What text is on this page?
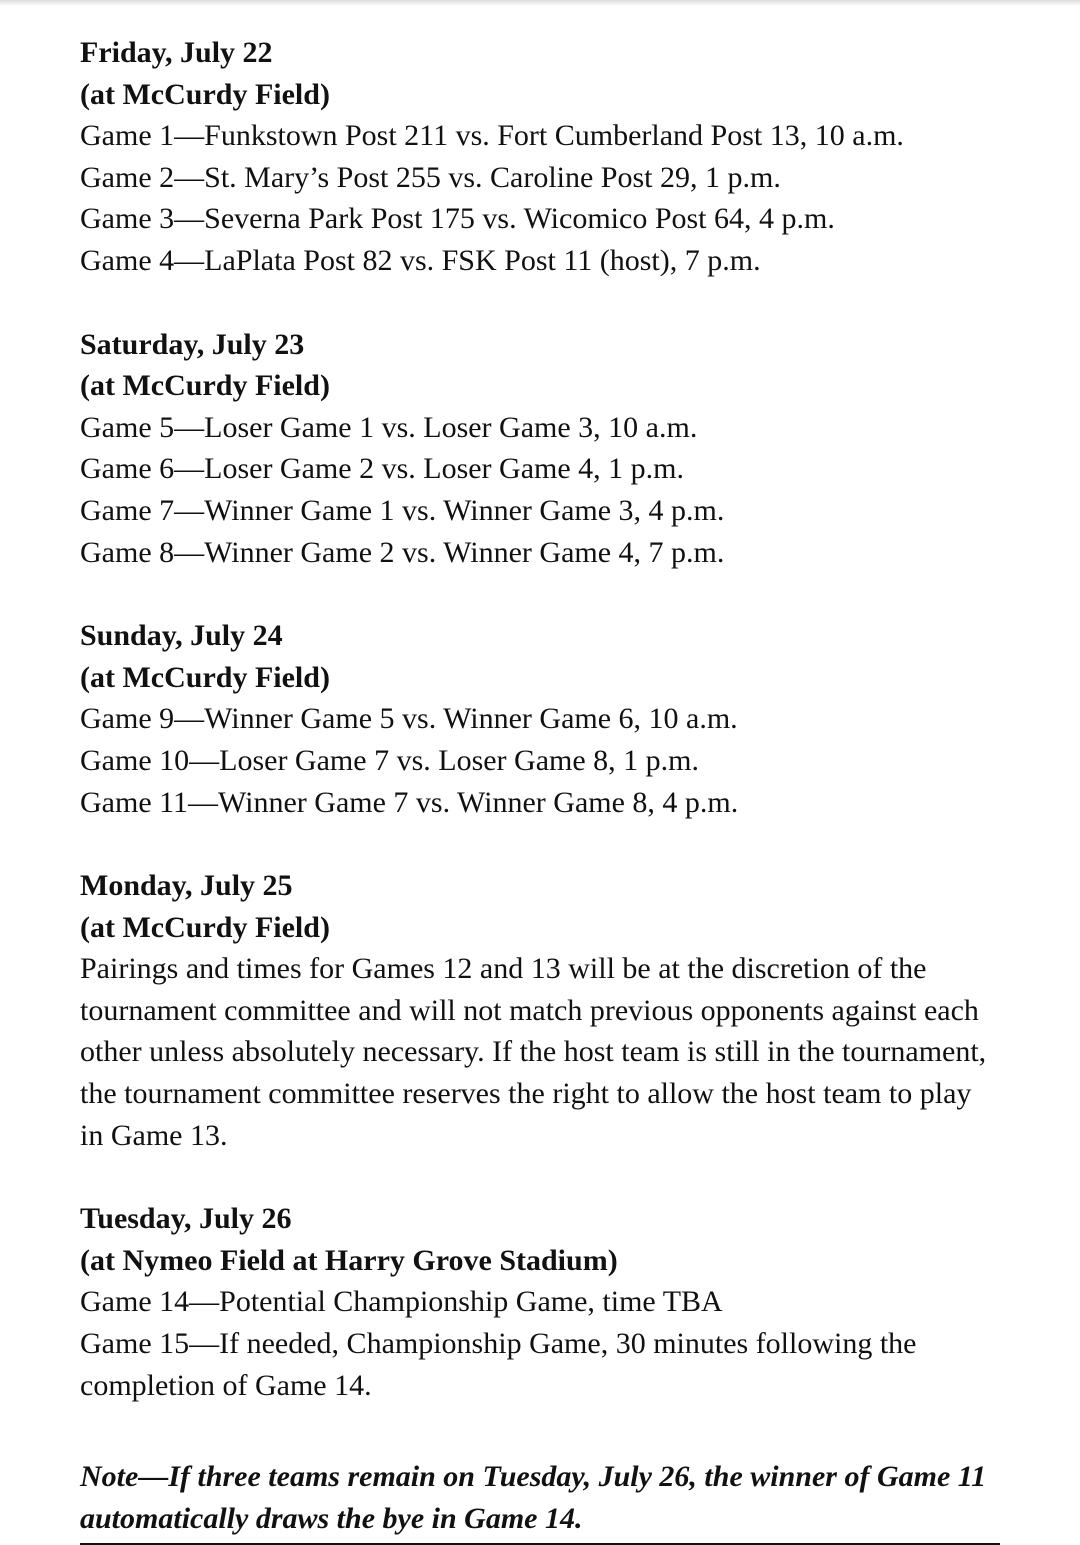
Friday, July 22
(at McCurdy Field)
Game 1—Funkstown Post 211 vs. Fort Cumberland Post 13, 10 a.m.
Game 2—St. Mary’s Post 255 vs. Caroline Post 29, 1 p.m.
Game 3—Severna Park Post 175 vs. Wicomico Post 64, 4 p.m.
Game 4—LaPlata Post 82 vs. FSK Post 11 (host), 7 p.m.
Saturday, July 23
(at McCurdy Field)
Game 5—Loser Game 1 vs. Loser Game 3, 10 a.m.
Game 6—Loser Game 2 vs. Loser Game 4, 1 p.m.
Game 7—Winner Game 1 vs. Winner Game 3, 4 p.m.
Game 8—Winner Game 2 vs. Winner Game 4, 7 p.m.
Sunday, July 24
(at McCurdy Field)
Game 9—Winner Game 5 vs. Winner Game 6, 10 a.m.
Game 10—Loser Game 7 vs. Loser Game 8, 1 p.m.
Game 11—Winner Game 7 vs. Winner Game 8, 4 p.m.
Monday, July 25
(at McCurdy Field)
Pairings and times for Games 12 and 13 will be at the discretion of the tournament committee and will not match previous opponents against each other unless absolutely necessary. If the host team is still in the tournament, the tournament committee reserves the right to allow the host team to play in Game 13.
Tuesday, July 26
(at Nymeo Field at Harry Grove Stadium)
Game 14—Potential Championship Game, time TBA
Game 15—If needed, Championship Game, 30 minutes following the completion of Game 14.
Note—If three teams remain on Tuesday, July 26, the winner of Game 11 automatically draws the bye in Game 14.
